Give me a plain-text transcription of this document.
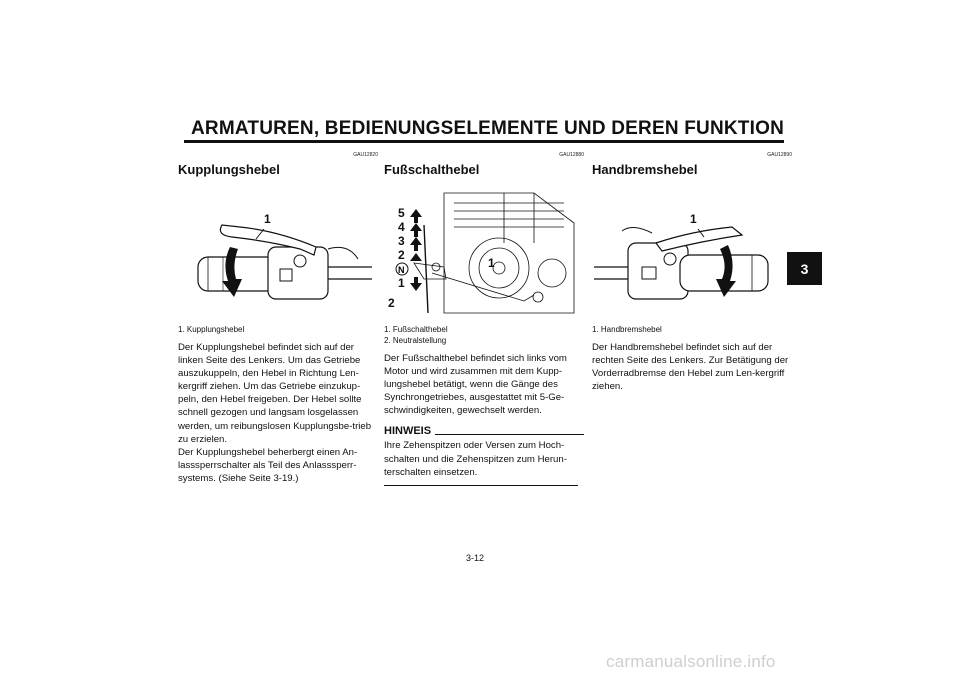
ARMATUREN, BEDIENUNGSELEMENTE UND DEREN FUNKTION
3
GAU12820
Kupplungshebel
1
1. Kupplungshebel

Der Kupplungshebel befindet sich auf der linken Seite des Lenkers. Um das Getriebe auszukuppeln, den Hebel in Richtung Len-kergriff ziehen. Um das Getriebe einzukup-peln, den Hebel freigeben. Der Hebel sollte schnell gezogen und langsam losgelassen werden, um reibungslosen Kupplungsbe-trieb zu erzielen.

Der Kupplungshebel beherbergt einen An-lasssperrschalter als Teil des Anlasssperr-systems. (Siehe Seite 3-19.)

GAU12880
Fußschalthebel
5
4
3
2
N
1
2
1
1. Fußschalthebel
2. Neutralstellung

Der Fußschalthebel befindet sich links vom Motor und wird zusammen mit dem Kupp-lungshebel betätigt, wenn die Gänge des Synchrongetriebes, ausgestattet mit 5-Ge-schwindigkeiten, gewechselt werden.

HINWEIS
Ihre Zehenspitzen oder Versen zum Hoch-schalten und die Zehenspitzen zum Herun-terschalten einsetzen.
GAU12890
Handbremshebel
1
1. Handbremshebel

Der Handbremshebel befindet sich auf der rechten Seite des Lenkers. Zur Betätigung der Vorderradbremse den Hebel zum Len-kergriff ziehen.

3-12
carmanualsonline.info
